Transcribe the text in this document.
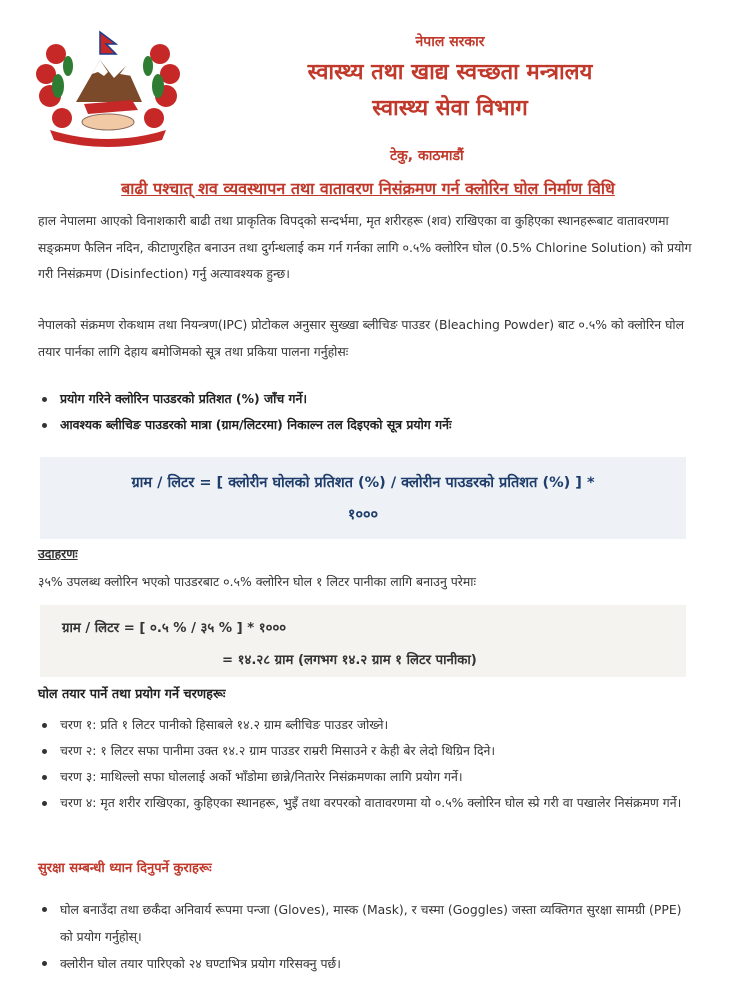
नेपाल सरकार
स्वास्थ्य तथा खाद्य स्वच्छता मन्त्रालय
स्वास्थ्य सेवा विभाग
टेकु, काठमाडौं
बाढी पश्चात् शव व्यवस्थापन तथा वातावरण निसंक्रमण गर्न क्लोरिन घोल निर्माण विधि
हाल नेपालमा आएको विनाशकारी बाढी तथा प्राकृतिक विपद्को सन्दर्भमा, मृत शरीरहरू (शव) राखिएका वा कुहिएका स्थानहरूबाट वातावरणमा सङ्क्रमण फैलिन नदिन, कीटाणुरहित बनाउन तथा दुर्गन्धलाई कम गर्न गर्नका लागि ०.५% क्लोरिन घोल (0.5% Chlorine Solution) को प्रयोग गरी निसंक्रमण (Disinfection) गर्नु अत्यावश्यक हुन्छ।
नेपालको संक्रमण रोकथाम तथा नियन्त्रण(IPC) प्रोटोकल अनुसार सुख्खा ब्लीचिङ पाउडर (Bleaching Powder) बाट ०.५% को क्लोरिन घोल तयार पार्नका लागि देहाय बमोजिमको सूत्र तथा प्रकिया पालना गर्नुहोसः
प्रयोग गरिने क्लोरिन पाउडरको प्रतिशत (%) जाँच गर्ने।
आवश्यक ब्लीचिङ पाउडरको मात्रा (ग्राम/लिटरमा) निकाल्न तल दिइएको सूत्र प्रयोग गर्नेः
ग्राम / लिटर = [ क्लोरीन घोलको प्रतिशत (%) / क्लोरीन पाउडरको प्रतिशत (%) ] *
१०००
उदाहरणः
३५% उपलब्ध क्लोरिन भएको पाउडरबाट ०.५% क्लोरिन घोल १ लिटर पानीका लागि बनाउनु परेमाः
ग्राम / लिटर = [ ०.५ % / ३५ % ] * १०००
= १४.२८ ग्राम (लगभग १४.२ ग्राम १ लिटर पानीका)
घोल तयार पार्ने तथा प्रयोग गर्ने चरणहरूः
चरण १: प्रति १ लिटर पानीको हिसाबले १४.२ ग्राम ब्लीचिङ पाउडर जोख्ने।
चरण २: १ लिटर सफा पानीमा उक्त १४.२ ग्राम पाउडर राम्ररी मिसाउने र केही बेर लेदो थिग्रिन दिने।
चरण ३: माथिल्लो सफा घोललाई अर्को भाँडोमा छान्ने/नितारेर निसंक्रमणका लागि प्रयोग गर्ने।
चरण ४: मृत शरीर राखिएका, कुहिएका स्थानहरू, भुइँ तथा वरपरको वातावरणमा यो ०.५% क्लोरिन घोल स्प्रे गरी वा पखालेर निसंक्रमण गर्ने।
सुरक्षा सम्बन्धी ध्यान दिनुपर्ने कुराहरूः
घोल बनाउँदा तथा छर्कँदा अनिवार्य रूपमा पन्जा (Gloves), मास्क (Mask), र चस्मा (Goggles) जस्ता व्यक्तिगत सुरक्षा सामग्री (PPE) को प्रयोग गर्नुहोस्।
क्लोरीन घोल तयार पारिएको २४ घण्टाभित्र प्रयोग गरिसक्नु पर्छ।
